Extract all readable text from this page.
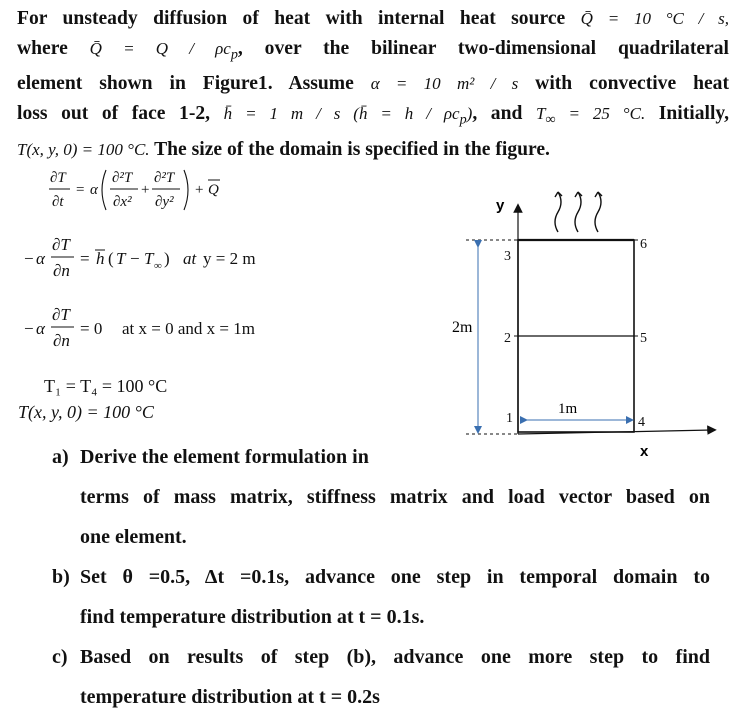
For unsteady diffusion of heat with internal heat source Q̄ = 10 °C / s,
where Q̄ = Q / $\rho c_p$, over the bilinear two-dimensional quadrilateral
element shown in Figure1. Assume α = 10 m² / s with convective heat
loss out of face 1-2, h̄ = 1 m / s (h̄ = h / $\rho c_p$), and $T_\infty = 25$ °C. Initially,
T(x, y, 0) = 100 °C. The size of the domain is specified in the figure.
∂T
∂t
= α
∂²T
∂x²
+
∂²T
∂y²
+ Q
− α
∂T
∂n
= h ( T − T ∞ ) at y = 2 m
− α
∂T
∂n
= 0 at x = 0 and x = 1m
T₁ = T₄ = 100 °C
T(x, y, 0) = 100 °C
y
x
2m
1m
1
2
3
4
5
6
a) Derive the element formulation in
terms of mass matrix, stiffness matrix and load vector based on
one element.
b) Set θ =0.5, Δt =0.1s, advance one step in temporal domain to
find temperature distribution at t = 0.1s.
c) Based on results of step (b), advance one more step to find
temperature distribution at t = 0.2s
